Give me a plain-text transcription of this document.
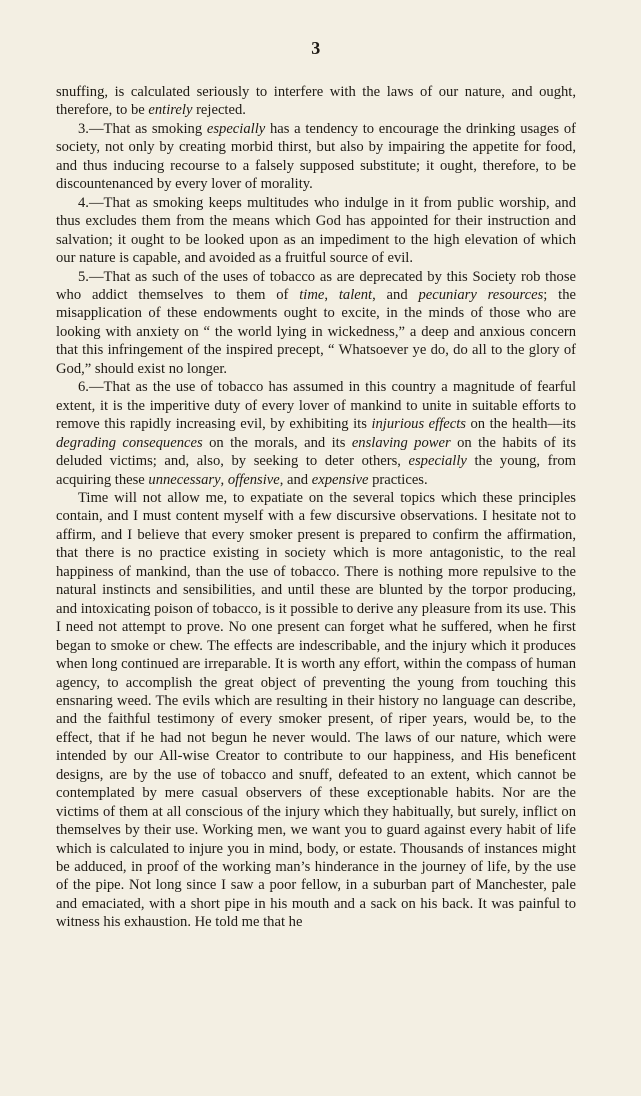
3

snuffing, is calculated seriously to interfere with the laws of our nature, and ought, therefore, to be entirely rejected.

3.—That as smoking especially has a tendency to encourage the drinking usages of society, not only by creating morbid thirst, but also by impairing the appetite for food, and thus inducing recourse to a falsely supposed substitute; it ought, therefore, to be discountenanced by every lover of morality.

4.—That as smoking keeps multitudes who indulge in it from public worship, and thus excludes them from the means which God has appointed for their instruction and salvation; it ought to be looked upon as an impediment to the high elevation of which our nature is capable, and avoided as a fruitful source of evil.

5.—That as such of the uses of tobacco as are deprecated by this Society rob those who addict themselves to them of time, talent, and pecuniary resources; the misapplication of these endowments ought to excite, in the minds of those who are looking with anxiety on “ the world lying in wickedness,” a deep and anxious concern that this infringement of the inspired precept, “ Whatsoever ye do, do all to the glory of God,” should exist no longer.

6.—That as the use of tobacco has assumed in this country a magnitude of fearful extent, it is the imperitive duty of every lover of mankind to unite in suitable efforts to remove this rapidly increasing evil, by exhibiting its injurious effects on the health—its degrading consequences on the morals, and its enslaving power on the habits of its deluded victims; and, also, by seeking to deter others, especially the young, from acquiring these unnecessary, offensive, and expensive practices.

Time will not allow me, to expatiate on the several topics which these principles contain, and I must content myself with a few discursive observations. I hesitate not to affirm, and I believe that every smoker present is prepared to confirm the affirmation, that there is no practice existing in society which is more antagonistic, to the real happiness of mankind, than the use of tobacco. There is nothing more repulsive to the natural instincts and sensibilities, and until these are blunted by the torpor producing, and intoxicating poison of tobacco, is it possible to derive any pleasure from its use. This I need not attempt to prove. No one present can forget what he suffered, when he first began to smoke or chew. The effects are indescribable, and the injury which it produces when long continued are irreparable. It is worth any effort, within the compass of human agency, to accomplish the great object of preventing the young from touching this ensnaring weed. The evils which are resulting in their history no language can describe, and the faithful testimony of every smoker present, of riper years, would be, to the effect, that if he had not begun he never would. The laws of our nature, which were intended by our All-wise Creator to contribute to our happiness, and His beneficent designs, are by the use of tobacco and snuff, defeated to an extent, which cannot be contemplated by mere casual observers of these exceptionable habits. Nor are the victims of them at all conscious of the injury which they habitually, but surely, inflict on themselves by their use. Working men, we want you to guard against every habit of life which is calculated to injure you in mind, body, or estate. Thousands of instances might be adduced, in proof of the working man’s hinderance in the journey of life, by the use of the pipe. Not long since I saw a poor fellow, in a suburban part of Manchester, pale and emaciated, with a short pipe in his mouth and a sack on his back. It was painful to witness his exhaustion. He told me that he
